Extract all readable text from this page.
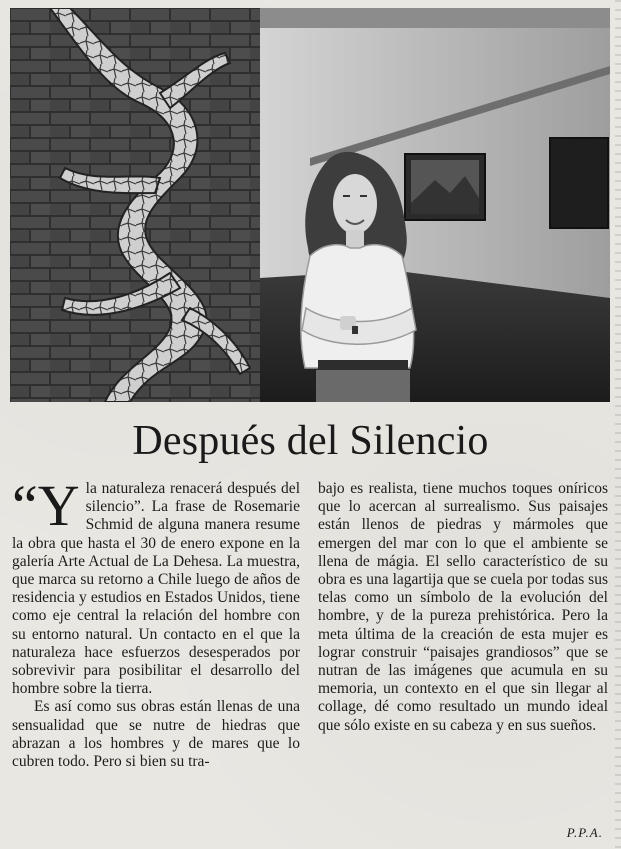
Después del Silencio

“Yla naturaleza renacerá después del silencio”. La frase de Rosemarie Schmid de alguna manera resume la obra que hasta el 30 de enero expone en la galería Arte Actual de La Dehesa. La muestra, que marca su retorno a Chile luego de años de residencia y estudios en Estados Unidos, tiene como eje central la relación del hombre con su entorno natural. Un contacto en el que la naturaleza hace esfuerzos desesperados por sobrevivir para posibilitar el desarrollo del hombre sobre la tierra.

Es así como sus obras están llenas de una sensualidad que se nutre de hiedras que abrazan a los hombres y de mares que lo cubren todo. Pero si bien su tra-

bajo es realista, tiene muchos toques oníricos que lo acercan al surrealismo. Sus paisajes están llenos de piedras y mármoles que emergen del mar con lo que el ambiente se llena de mágia. El sello característico de su obra es una lagartija que se cuela por todas sus telas como un símbolo de la evolución del hombre, y de la pureza prehistórica. Pero la meta última de la creación de esta mujer es lograr construir “paisajes grandiosos” que se nutran de las imágenes que acumula en su memoria, un contexto en el que sin llegar al collage, dé como resultado un mundo ideal que sólo existe en su cabeza y en sus sueños.

P.P.A.
